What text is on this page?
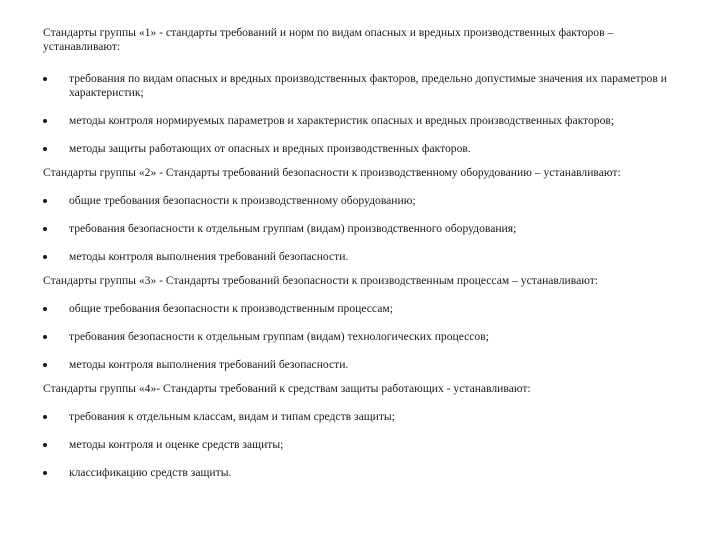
Стандарты группы «1» - стандарты требований и норм по видам опасных и вредных производственных факторов – устанавливают:

требования по видам опасных и вредных производственных факторов, предельно допустимые значения их параметров и характеристик;
методы контроля нормируемых параметров и характеристик опасных и вредных производственных факторов;
методы защиты работающих от опасных и вредных производственных факторов.

Стандарты группы «2» - Стандарты требований безопасности к производственному оборудованию – устанавливают:

общие требования безопасности к производственному оборудованию;
требования безопасности к отдельным группам (видам) производственного оборудования;
методы контроля выполнения требований безопасности.

Стандарты группы «3» - Стандарты требований безопасности к производственным процессам – устанавливают:

общие требования безопасности к производственным процессам;
требования безопасности к отдельным группам (видам) технологических процессов;
методы контроля выполнения требований безопасности.

Стандарты группы «4»- Стандарты требований к средствам защиты работающих - устанавливают:

требования к отдельным классам, видам и типам средств защиты;
методы контроля и оценке средств защиты;
классификацию средств защиты.
